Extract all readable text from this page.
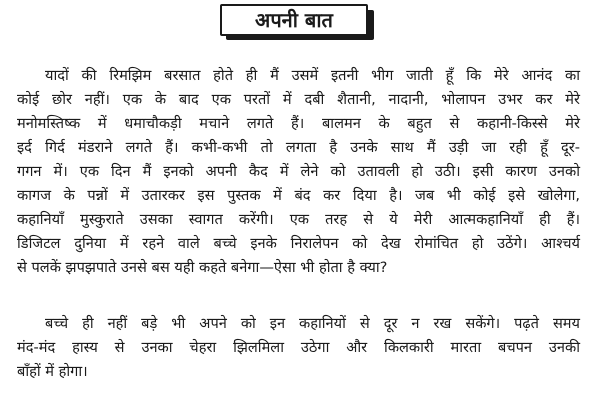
अपनी बात
यादों की रिमझिम बरसात होते ही मैं उसमें इतनी भीग जाती हूँ कि मेरे आनंद का
कोई छोर नहीं। एक के बाद एक परतों में दबी शैतानी, नादानी, भोलापन उभर कर मेरे
मनोमस्तिष्क में धमाचौकड़ी मचाने लगते हैं। बालमन के बहुत से कहानी-किस्से मेरे
इर्द गिर्द मंडराने लगते हैं। कभी-कभी तो लगता है उनके साथ मैं उड़ी जा रही हूँ दूर-
गगन में। एक दिन मैं इनको अपनी कैद में लेने को उतावली हो उठी। इसी कारण उनको
कागज के पन्नों में उतारकर इस पुस्तक में बंद कर दिया है। जब भी कोई इसे खोलेगा,
कहानियाँ मुस्कुराते उसका स्वागत करेंगी। एक तरह से ये मेरी आत्मकहानियाँ ही हैं।
डिजिटल दुनिया में रहने वाले बच्चे इनके निरालेपन को देख रोमांचित हो उठेंगे। आश्चर्य
से पलकें झपझपाते उनसे बस यही कहते बनेगा—ऐसा भी होता है क्या?
बच्चे ही नहीं बड़े भी अपने को इन कहानियों से दूर न रख सकेंगे। पढ़ते समय
मंद-मंद हास्य से उनका चेहरा झिलमिला उठेगा और किलकारी मारता बचपन उनकी
बाँहों में होगा।
